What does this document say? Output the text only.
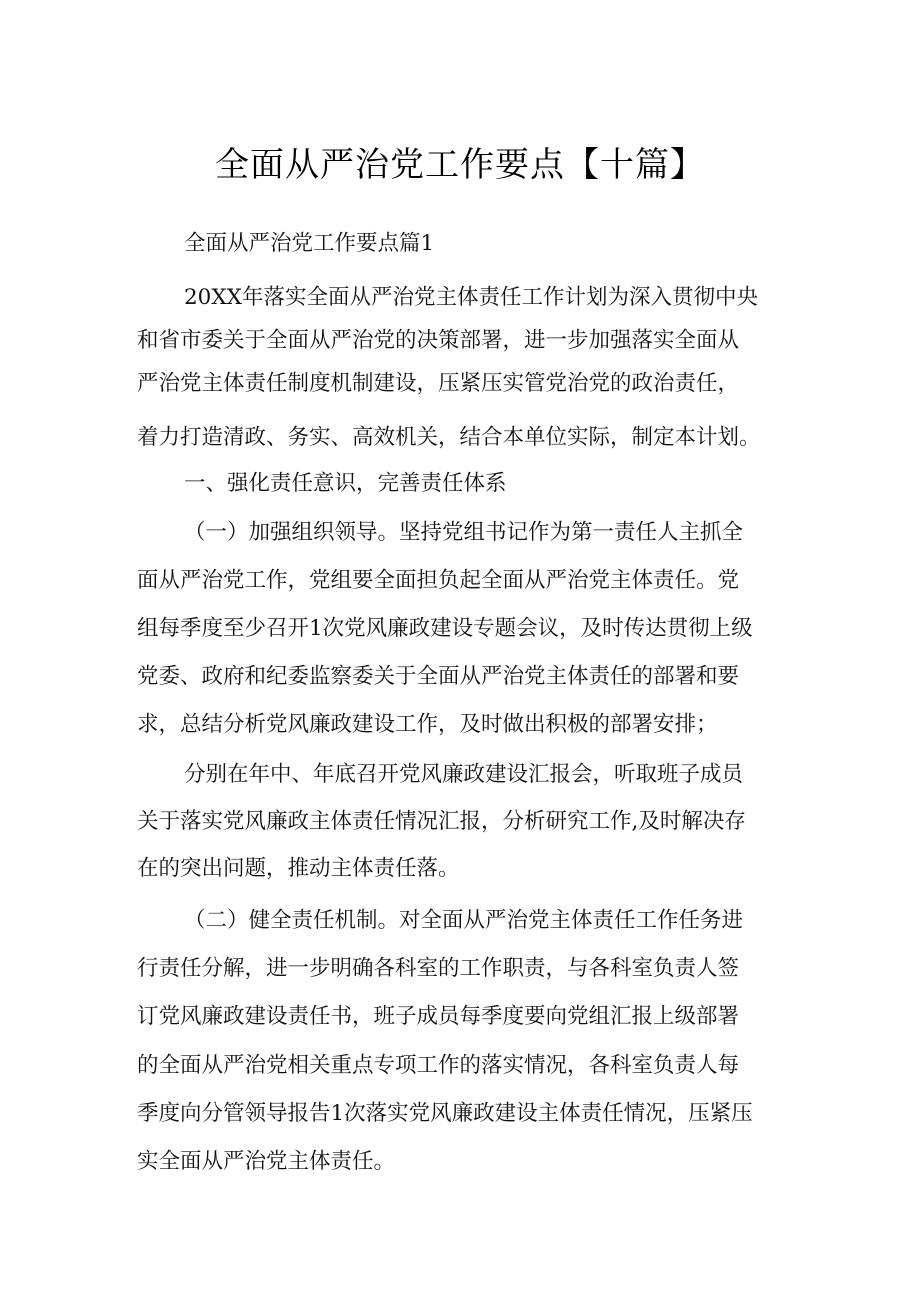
全面从严治党工作要点【十篇】
全面从严治党工作要点篇1
20XX年落实全面从严治党主体责任工作计划为深入贯彻中央
和省市委关于全面从严治党的决策部署，进一步加强落实全面从
严治党主体责任制度机制建设，压紧压实管党治党的政治责任，
着力打造清政、务实、高效机关，结合本单位实际，制定本计划。
一、强化责任意识，完善责任体系
（一）加强组织领导。坚持党组书记作为第一责任人主抓全
面从严治党工作，党组要全面担负起全面从严治党主体责任。党
组每季度至少召开1次党风廉政建设专题会议，及时传达贯彻上级
党委、政府和纪委监察委关于全面从严治党主体责任的部署和要
求，总结分析党风廉政建设工作，及时做出积极的部署安排；
分别在年中、年底召开党风廉政建设汇报会，听取班子成员
关于落实党风廉政主体责任情况汇报，分析研究工作,及时解决存
在的突出问题，推动主体责任落。
（二）健全责任机制。对全面从严治党主体责任工作任务进
行责任分解，进一步明确各科室的工作职责，与各科室负责人签
订党风廉政建设责任书，班子成员每季度要向党组汇报上级部署
的全面从严治党相关重点专项工作的落实情况，各科室负责人每
季度向分管领导报告1次落实党风廉政建设主体责任情况，压紧压
实全面从严治党主体责任。
